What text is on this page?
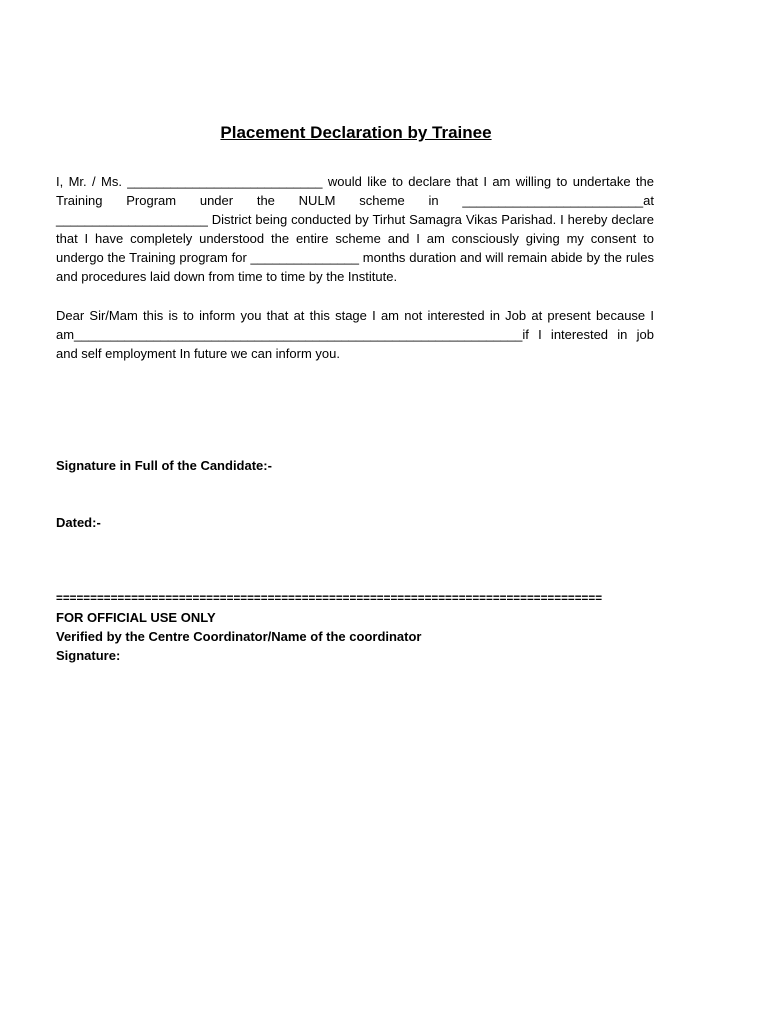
Placement Declaration by Trainee
I, Mr. / Ms. ___________________________ would like to declare that I am willing to undertake the Training Program under the NULM scheme in _________________________at _____________________ District being conducted by Tirhut Samagra Vikas Parishad. I hereby declare that I have completely understood the entire scheme and I am consciously giving my consent to undergo the Training program for _______________ months duration and will remain abide by the rules and procedures laid down from time to time by the Institute.
Dear Sir/Mam this is to inform you that at this stage I am not interested in Job at present because I am______________________________________________________________if I interested in job and self employment In future we can inform you.
Signature in Full of the Candidate:-
Dated:-
================================================================================
FOR OFFICIAL USE ONLY
Verified by the Centre Coordinator/Name of the coordinator
Signature:
